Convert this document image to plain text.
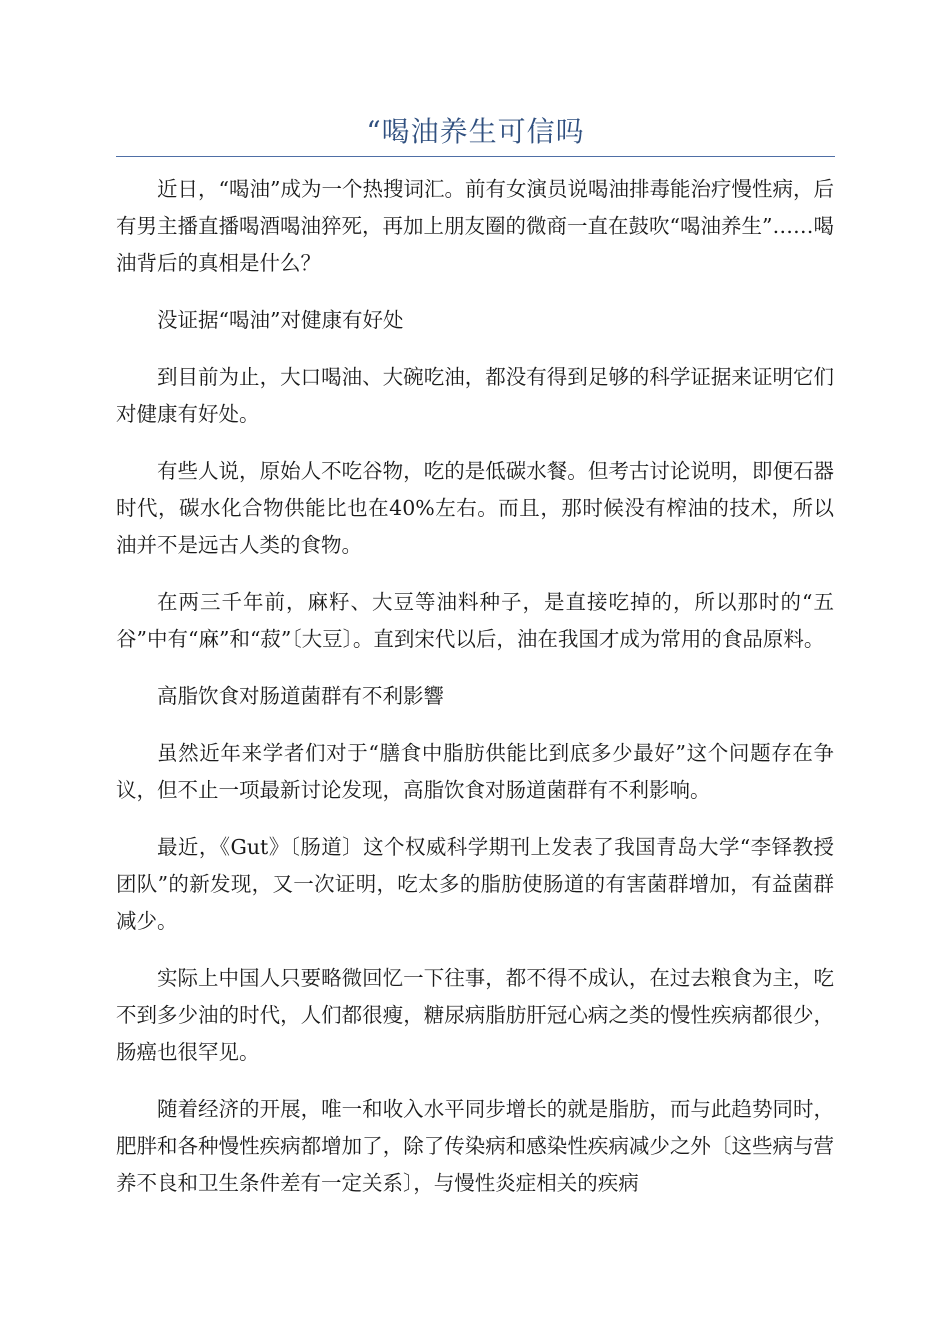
“喝油养生可信吗

近日，“喝油”成为一个热搜词汇。前有女演员说喝油排毒能治疗慢性病，后有男主播直播喝酒喝油猝死，再加上朋友圈的微商一直在鼓吹“喝油养生”……喝油背后的真相是什么？

没证据“喝油”对健康有好处

到目前为止，大口喝油、大碗吃油，都没有得到足够的科学证据来证明它们对健康有好处。

有些人说，原始人不吃谷物，吃的是低碳水餐。但考古讨论说明，即便石器时代，碳水化合物供能比也在40%左右。而且，那时候没有榨油的技术，所以油并不是远古人类的食物。

在两三千年前，麻籽、大豆等油料种子，是直接吃掉的，所以那时的“五谷”中有“麻”和“菽”〔大豆〕。直到宋代以后，油在我国才成为常用的食品原料。

高脂饮食对肠道菌群有不利影響

虽然近年来学者们对于“膳食中脂肪供能比到底多少最好”这个问题存在争议，但不止一项最新讨论发现，高脂饮食对肠道菌群有不利影响。

最近，《Gut》〔肠道〕这个权威科学期刊上发表了我国青岛大学“李铎教授团队”的新发现，又一次证明，吃太多的脂肪使肠道的有害菌群增加，有益菌群减少。

实际上中国人只要略微回忆一下往事，都不得不成认，在过去粮食为主，吃不到多少油的时代，人们都很瘦，糖尿病脂肪肝冠心病之类的慢性疾病都很少，肠癌也很罕见。

随着经济的开展，唯一和收入水平同步增长的就是脂肪，而与此趋势同时，肥胖和各种慢性疾病都增加了，除了传染病和感染性疾病减少之外〔这些病与营养不良和卫生条件差有一定关系〕，与慢性炎症相关的疾病
